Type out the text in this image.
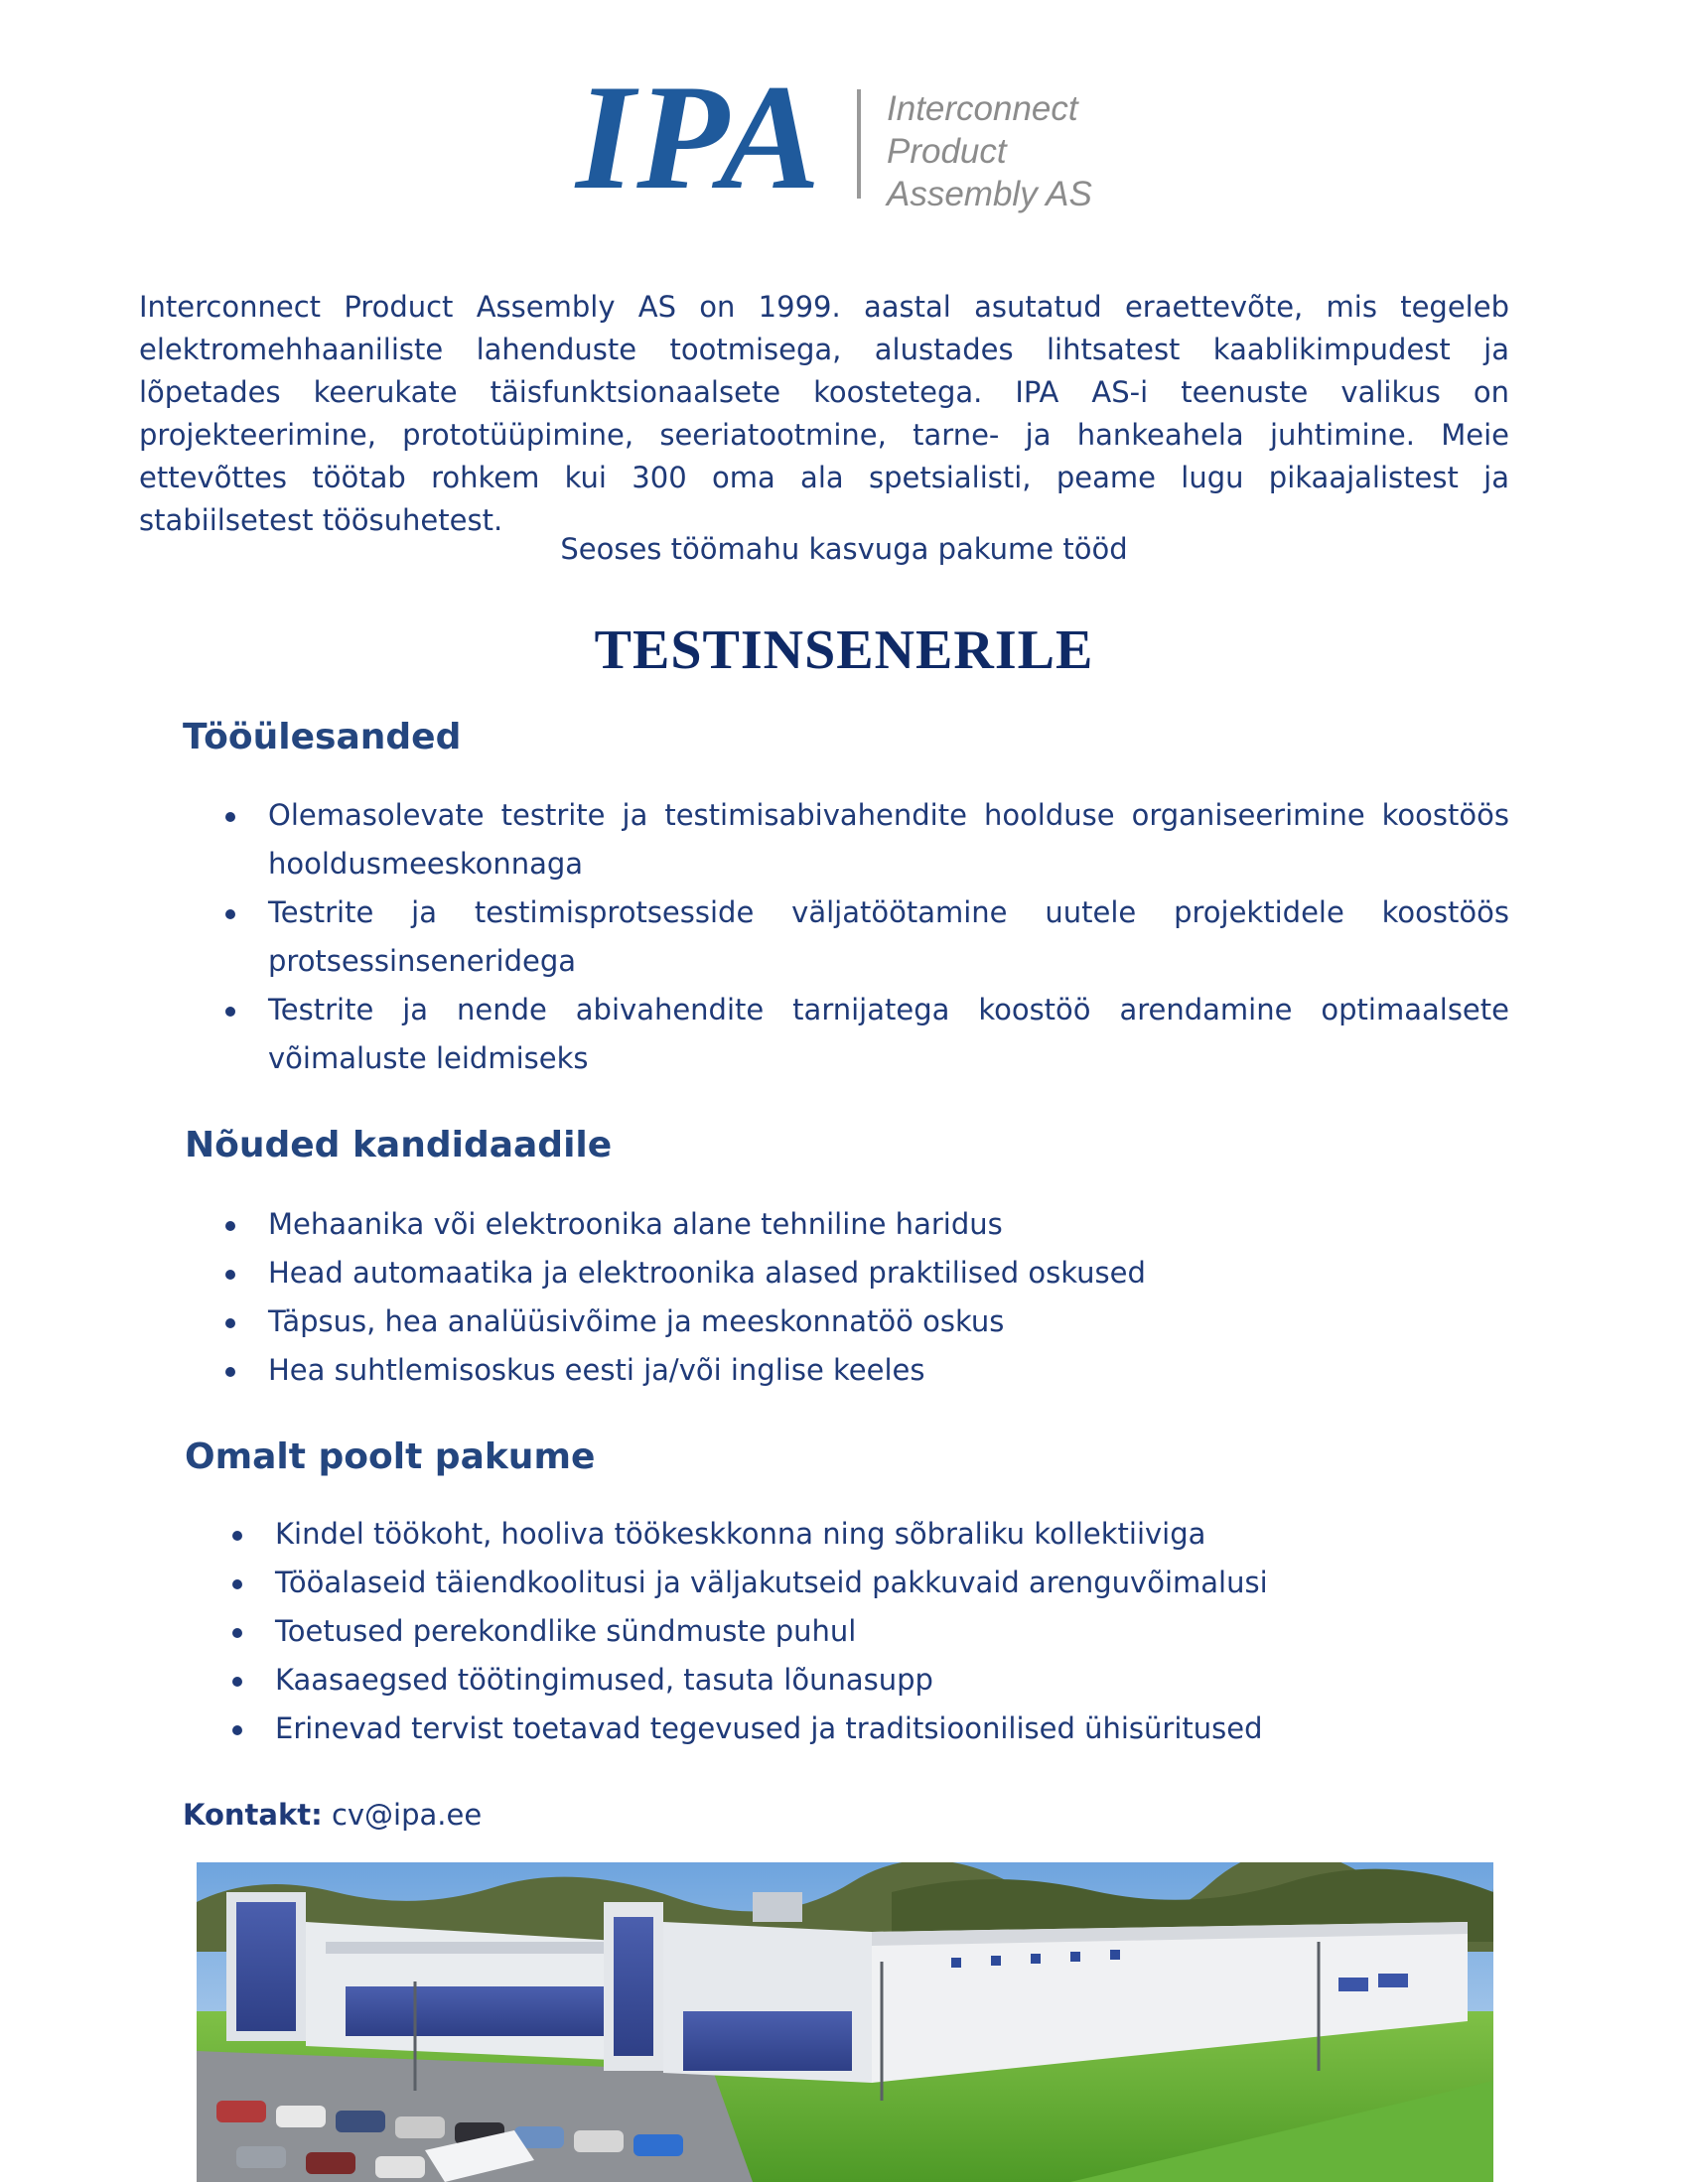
IPA Interconnect
Product
Assembly AS

Interconnect Product Assembly AS on 1999. aastal asutatud eraettevõte, mis tegeleb elektromehhaaniliste lahenduste tootmisega, alustades lihtsatest kaablikimpudest ja lõpetades keerukate täisfunktsionaalsete koostetega. IPA AS-i teenuste valikus on projekteerimine, prototüüpimine, seeriatootmine, tarne- ja hankeahela juhtimine. Meie ettevõttes töötab rohkem kui 300 oma ala spetsialisti, peame lugu pikaajalistest ja stabiilsetest töösuhetest.

Seoses töömahu kasvuga pakume tööd
TESTINSENERILE
Tööülesanded
Olemasolevate testrite ja testimisabivahendite hoolduse organiseerimine koostöös hooldusmeeskonnaga
Testrite ja testimisprotsesside väljatöötamine uutele projektidele koostöös protsessinseneridega
Testrite ja nende abivahendite tarnijatega koostöö arendamine optimaalsete võimaluste leidmiseks
Nõuded kandidaadile
Mehaanika või elektroonika alane tehniline haridus
Head automaatika ja elektroonika alased praktilised oskused
Täpsus, hea analüüsivõime ja meeskonnatöö oskus
Hea suhtlemisoskus eesti ja/või inglise keeles
Omalt poolt pakume
Kindel töökoht, hooliva töökeskkonna ning sõbraliku kollektiiviga
Tööalaseid täiendkoolitusi ja väljakutseid pakkuvaid arenguvõimalusi
Toetused perekondlike sündmuste puhul
Kaasaegsed töötingimused, tasuta lõunasupp
Erinevad tervist toetavad tegevused ja traditsioonilised ühisüritused
Kontakt: cv@ipa.ee
